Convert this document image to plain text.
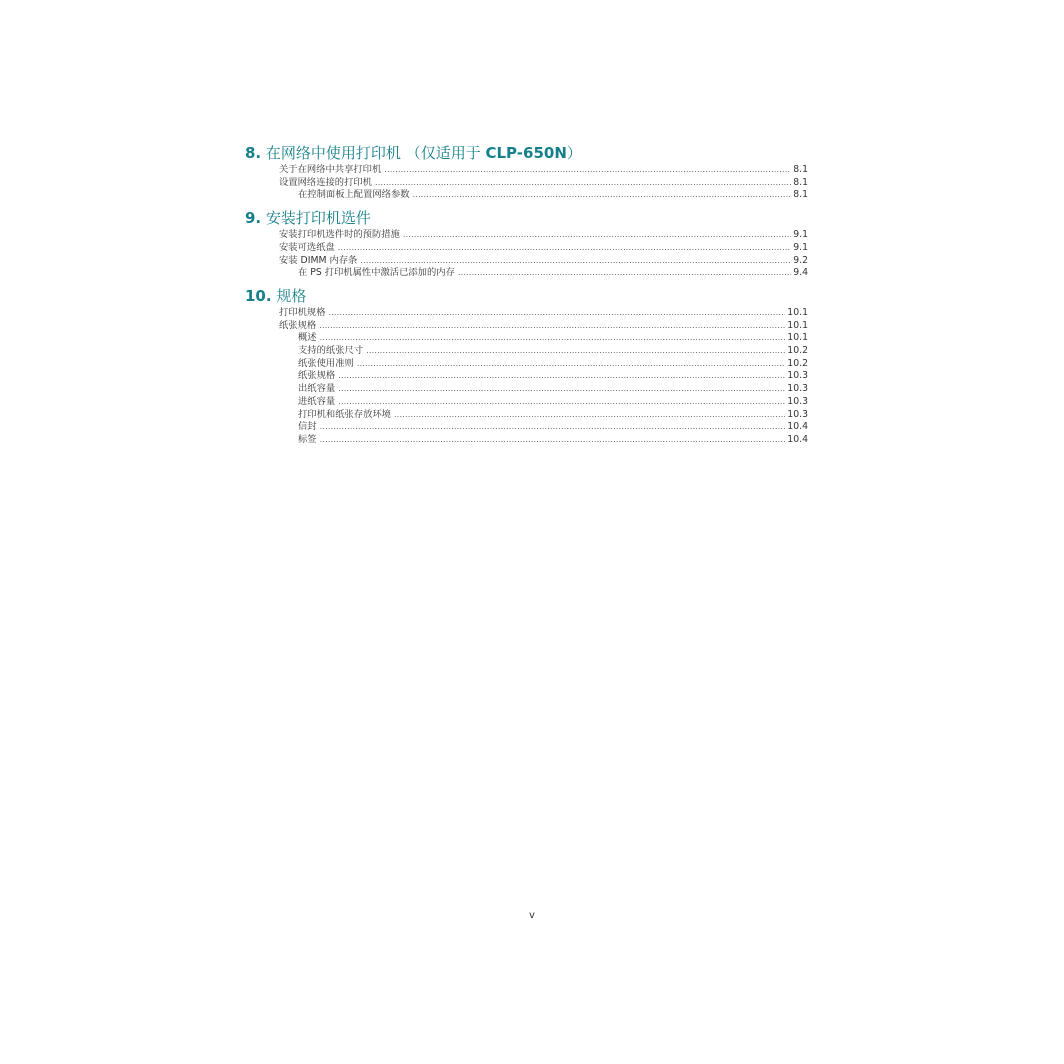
8. 在网络中使用打印机 （仅适用于 CLP-650N）
关于在网络中共享打印机 .....	8.1
设置网络连接的打印机 .....	8.1
在控制面板上配置网络参数 .....	8.1
9. 安装打印机选件
安装打印机选件时的预防措施 .....	9.1
安装可选纸盘 .....	9.1
安装 DIMM 内存条 .....	9.2
在 PS 打印机属性中激活已添加的内存 .....	9.4
10. 规格
打印机规格 .....	10.1
纸张规格 .....	10.1
概述 .....	10.1
支持的纸张尺寸 .....	10.2
纸张使用准则 .....	10.2
纸张规格 .....	10.3
出纸容量 .....	10.3
进纸容量 .....	10.3
打印机和纸张存放环境 .....	10.3
信封 .....	10.4
标签 .....	10.4
v
